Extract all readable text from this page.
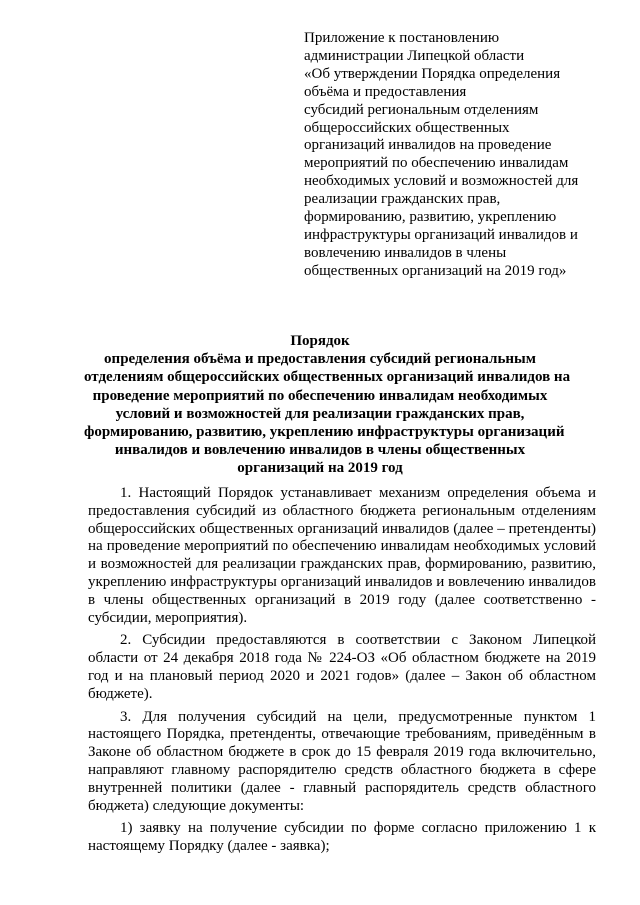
Приложение к постановлению
администрации Липецкой области
«Об утверждении Порядка определения
объёма и предоставления
субсидий региональным отделениям
общероссийских общественных
организаций инвалидов на проведение
мероприятий по обеспечению инвалидам
необходимых условий и возможностей для
реализации гражданских прав,
формированию, развитию, укреплению
инфраструктуры организаций инвалидов и
вовлечению инвалидов в члены
общественных организаций на 2019 год»
Порядок
определения объёма и предоставления субсидий региональным
отделениям общероссийских общественных организаций инвалидов на
проведение мероприятий по обеспечению инвалидам необходимых
условий и возможностей для реализации гражданских прав,
формированию, развитию, укреплению инфраструктуры организаций
инвалидов и вовлечению инвалидов в члены общественных
организаций на 2019 год

1. Настоящий Порядок устанавливает механизм определения объема и предоставления субсидий из областного бюджета региональным отделениям общероссийских общественных организаций инвалидов (далее – претенденты) на проведение мероприятий по обеспечению инвалидам необходимых условий и возможностей для реализации гражданских прав, формированию, развитию, укреплению инфраструктуры организаций инвалидов и вовлечению инвалидов в члены общественных организаций в 2019 году (далее соответственно - субсидии, мероприятия).

2. Субсидии предоставляются в соответствии с Законом Липецкой области от 24 декабря 2018 года № 224-ОЗ «Об областном бюджете на 2019 год и на плановый период 2020 и 2021 годов» (далее – Закон об областном бюджете).

3. Для получения субсидий на цели, предусмотренные пунктом 1 настоящего Порядка, претенденты, отвечающие требованиям, приведённым в Законе об областном бюджете в срок до 15 февраля 2019 года включительно, направляют главному распорядителю средств областного бюджета в сфере внутренней политики (далее - главный распорядитель средств областного бюджета) следующие документы:

1) заявку на получение субсидии по форме согласно приложению 1 к настоящему Порядку (далее - заявка);
